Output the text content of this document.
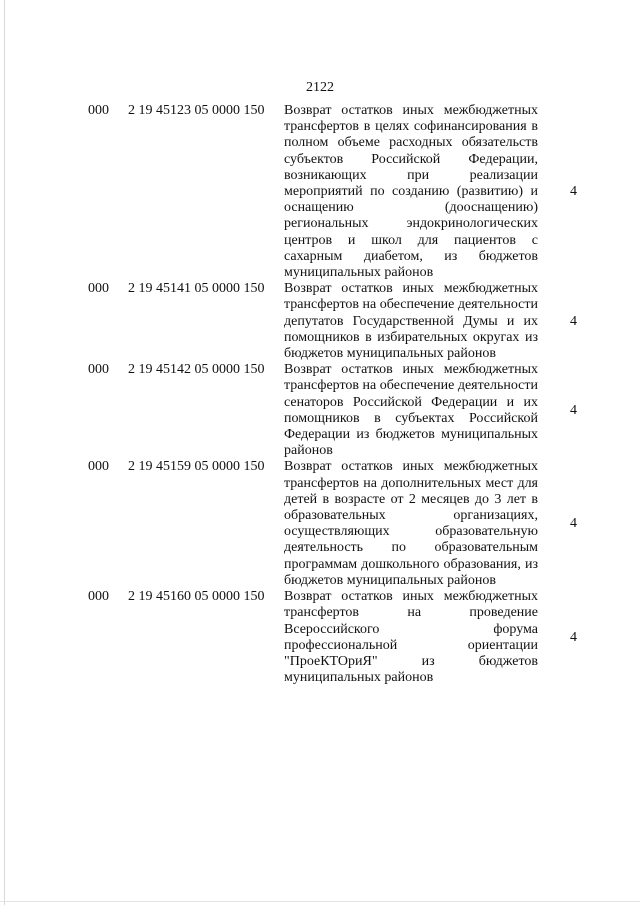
2122
000 2 19 45123 05 0000 150 Возврат остатков иных межбюджетных трансфертов в целях софинансирования в полном объеме расходных обязательств субъектов Российской Федерации, возникающих при реализации мероприятий по созданию (развитию) и оснащению (дооснащению) региональных эндокринологических центров и школ для пациентов с сахарным диабетом, из бюджетов муниципальных районов
4
000 2 19 45141 05 0000 150 Возврат остатков иных межбюджетных трансфертов на обеспечение деятельности депутатов Государственной Думы и их помощников в избирательных округах из бюджетов муниципальных районов
4
000 2 19 45142 05 0000 150 Возврат остатков иных межбюджетных трансфертов на обеспечение деятельности сенаторов Российской Федерации и их помощников в субъектах Российской Федерации из бюджетов муниципальных районов
4
000 2 19 45159 05 0000 150 Возврат остатков иных межбюджетных трансфертов на дополнительных мест для детей в возрасте от 2 месяцев до 3 лет в образовательных организациях, осуществляющих образовательную деятельность по образовательным программам дошкольного образования, из бюджетов муниципальных районов
4
000 2 19 45160 05 0000 150 Возврат остатков иных межбюджетных трансфертов на проведение Всероссийского форума профессиональной ориентации "ПроеКТОриЯ" из бюджетов муниципальных районов
4
